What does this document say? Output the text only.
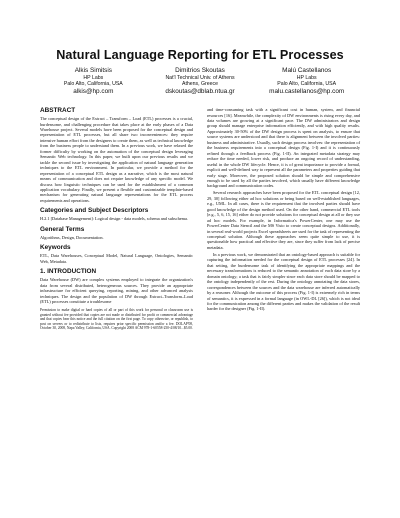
Natural Language Reporting for ETL Processes
Alkis Simitsis
HP Labs
Palo Alto, California, USA
alkis@hp.com
Dimitrios Skoutas
Nat'l Technical Univ. of Athens
Athens, Greece
dskoutas@dblab.ntua.gr
Malú Castellanos
HP Labs
Palo Alto, California, USA
malu.castellanos@hp.com
ABSTRACT

The conceptual design of the Extract – Transform – Load (ETL) processes is a crucial, burdensome, and challenging procedure that takes place at the early phases of a Data Warehouse project. Several models have been proposed for the conceptual design and representation of ETL processes, but all share two inconveniences: they require intensive human effort from the designers to create them, as well as technical knowledge from the business people to understand them. In a previous work, we have relaxed the former difficulty by working on the automation of the conceptual design leveraging Semantic Web technology. In this paper, we built upon our previous results and we tackle the second issue by investigating the application of natural language generation techniques to the ETL environment. In particular, we provide a method for the representation of a conceptual ETL design as a narrative, which is the most natural means of communication and does not require knowledge of any specific model. We discuss how linguistic techniques can be used for the establishment of a common application vocabulary. Finally, we present a flexible and customizable template-based mechanism for generating natural language representations for the ETL process requirements and operations.

Categories and Subject Descriptors

H.2.1 [Database Management]: Logical design - data models, schema and subschema.

General Terms

Algorithms, Design, Documentation.

Keywords

ETL, Data Warehouses, Conceptual Model, Natural Language, Ontologies, Semantic Web, Metadata.

1. INTRODUCTION

Data Warehouse (DW) are complex systems employed to integrate the organization's data from several distributed, heterogeneous sources. They provide an appropriate infrastructure for efficient querying, reporting, mining, and other advanced analysis techniques. The design and the population of DW through Extract–Transform–Load (ETL) processes constitute a troublesome

Permission to make digital or hard copies of all or part of this work for personal or classroom use is granted without fee provided that copies are not made or distributed for profit or commercial advantage and that copies bear this notice and the full citation on the first page. To copy otherwise, or republish, to post on servers or to redistribute to lists, requires prior specific permission and/or a fee. DOLAP'08, October 30, 2008, Napa Valley, California, USA. Copyright 2008 ACM 978-1-60558-250-4/08/10...$5.00.

and time-consuming task with a significant cost in human, system, and financial resources [16]. Meanwhile, the complexity of DW environments is rising every day, and data volumes are growing at a significant pace. The DW administrators and design group should manage enterprise information efficiently, and with high quality results. Approximately 30-50% of the DW design process is spent on analysis, to ensure that source systems are understood and that there is alignment between the involved parties: business and administrative. Usually, such design process involves: the representation of the business requirements into a conceptual design (Fig. 1-I) and it is continuously refined through a feedback process (Fig. 1-II). An integrated metadata strategy may reduce the time needed, lower risk, and produce an ongoing record of understanding, useful in the whole DW lifecycle. Hence, it is of great importance to provide a formal, explicit and well-defined way to represent all the parameters and properties guiding that early stage. Moreover, the proposed solution should be simple and comprehensive enough to be used by all the parties involved, which usually have different knowledge background and communication codes.

Several research approaches have been proposed for the ETL conceptual design [12, 29, 30] following either ad hoc solutions or being based on well-established languages, e.g., UML. In all cases, there is the requirement that the involved parties should have good knowledge of the design method used. On the other hand, commercial ETL tools [e.g., 5, 6, 15, 16] either do not provide solutions for conceptual design at all or they use ad hoc models. For example, in Informatica's PowerCenter, one may use the PowerCenter Data Stencil and the MS Visio to create conceptual designs. Additionally, in several real-world projects Excel spreadsheets are used for the task of representing the conceptual solution. Although these approaches seem quite simple to use, it is questionable how practical and effective they are, since they suffer from lack of precise metadata.

In a previous work, we demonstrated that an ontology-based approach is suitable for capturing the information needed for the conceptual design of ETL processes [24]. In that setting, the burdensome task of identifying the appropriate mappings and the necessary transformations is reduced to the semantic annotation of each data store by a domain ontology; a task that is fairly simpler since each data store should be mapped to the ontology independently of the rest. During the ontology annotating the data stores, correspondences between the sources and the data warehouse are inferred automatically by a reasoner. Although the outcome of this process (Fig. 1-I) is extremely rich in terms of semantics, it is expressed in a formal language (in OWL-DL [26]), which is not ideal for the communication among the different parties and makes the validation of the result harder for the designer (Fig. 1-II).
